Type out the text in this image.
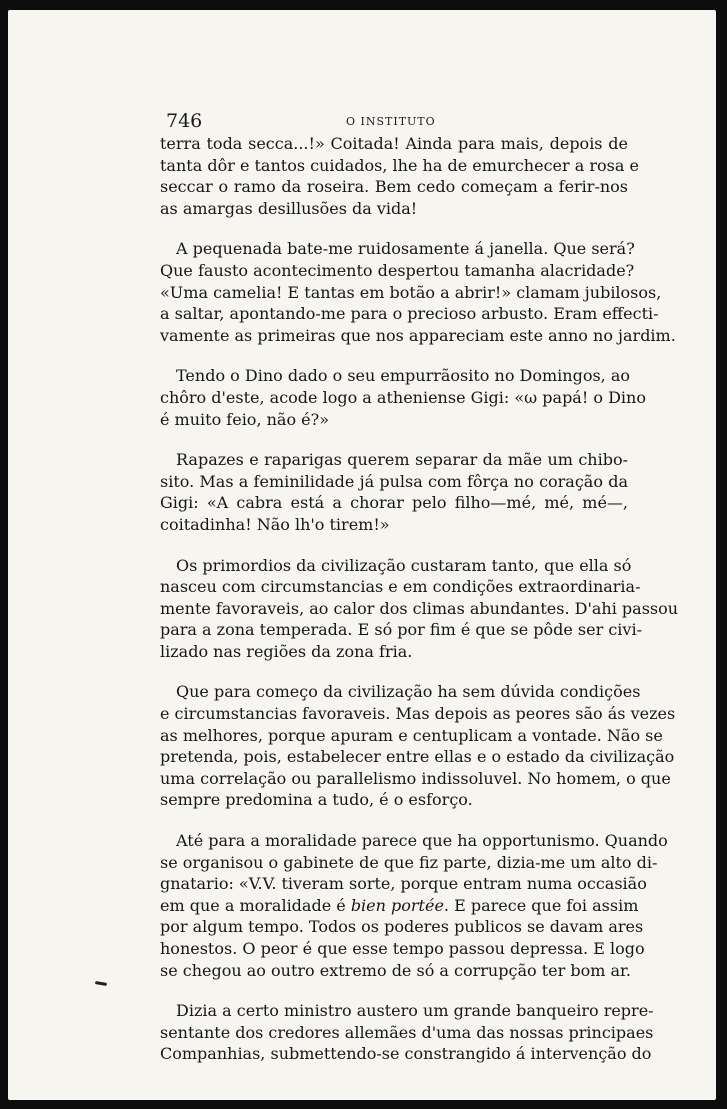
746	O INSTITUTO
terra toda secca...!» Coitada! Ainda para mais, depois de
tanta dôr e tantos cuidados, lhe ha de emurchecer a rosa e
seccar o ramo da roseira. Bem cedo começam a ferir-nos
as amargas desillusões da vida!
A pequenada bate-me ruidosamente á janella. Que será?
Que fausto acontecimento despertou tamanha alacridade?
«Uma camelia! E tantas em botão a abrir!» clamam jubilosos,
a saltar, apontando-me para o precioso arbusto. Eram effecti-
vamente as primeiras que nos appareciam este anno no jardim.
Tendo o Dino dado o seu empurrãosito no Domingos, ao
chôro d'este, acode logo a atheniense Gigi: «ω papá! o Dino
é muito feio, não é?»
Rapazes e raparigas querem separar da mãe um chibo-
sito. Mas a feminilidade já pulsa com fôrça no coração da
Gigi: «A cabra está a chorar pelo filho—mé, mé, mé—,
coitadinha! Não lh'o tirem!»
Os primordios da civilização custaram tanto, que ella só
nasceu com circumstancias e em condições extraordinaria-
mente favoraveis, ao calor dos climas abundantes. D'ahi passou
para a zona temperada. E só por fim é que se pôde ser civi-
lizado nas regiões da zona fria.
Que para começo da civilização ha sem dúvida condições
e circumstancias favoraveis. Mas depois as peores são ás vezes
as melhores, porque apuram e centuplicam a vontade. Não se
pretenda, pois, estabelecer entre ellas e o estado da civilização
uma correlação ou parallelismo indissoluvel. No homem, o que
sempre predomina a tudo, é o esforço.
Até para a moralidade parece que ha opportunismo. Quando
se organisou o gabinete de que fiz parte, dizia-me um alto di-
gnatario: «V.V. tiveram sorte, porque entram numa occasião
em que a moralidade é bien portée. E parece que foi assim
por algum tempo. Todos os poderes publicos se davam ares
honestos. O peor é que esse tempo passou depressa. E logo
se chegou ao outro extremo de só a corrupção ter bom ar.
Dizia a certo ministro austero um grande banqueiro repre-
sentante dos credores allemães d'uma das nossas principaes
Companhias, submettendo-se constrangido á intervenção do
